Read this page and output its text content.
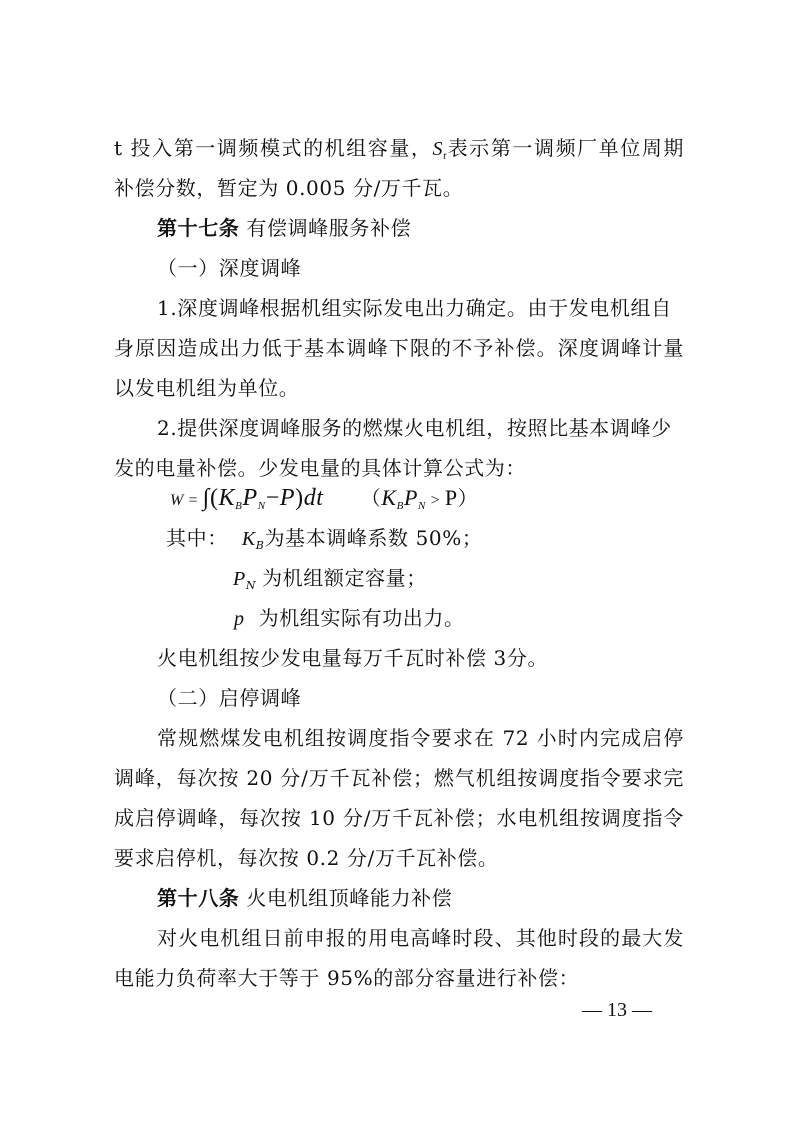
t 投入第一调频模式的机组容量，$S_t$表示第一调频厂单位周期
补偿分数，暂定为 0.005 分/万千瓦。
第十七条 有偿调峰服务补偿
（一）深度调峰
1.深度调峰根据机组实际发电出力确定。由于发电机组自
身原因造成出力低于基本调峰下限的不予补偿。深度调峰计量
以发电机组为单位。
2.提供深度调峰服务的燃煤火电机组，按照比基本调峰少
发的电量补偿。少发电量的具体计算公式为：
$W = \int(K_BP_N-P)dt$ $(K_BP_N > P)$
其中： $K_B$为基本调峰系数 50%；
$P_N$ 为机组额定容量；
p 为机组实际有功出力。
火电机组按少发电量每万千瓦时补偿 3分。
（二）启停调峰
常规燃煤发电机组按调度指令要求在 72 小时内完成启停
调峰，每次按 20 分/万千瓦补偿；燃气机组按调度指令要求完
成启停调峰，每次按 10 分/万千瓦补偿；水电机组按调度指令
要求启停机，每次按 0.2 分/万千瓦补偿。
第十八条 火电机组顶峰能力补偿
对火电机组日前申报的用电高峰时段、其他时段的最大发
电能力负荷率大于等于 95%的部分容量进行补偿：
— 13 —
